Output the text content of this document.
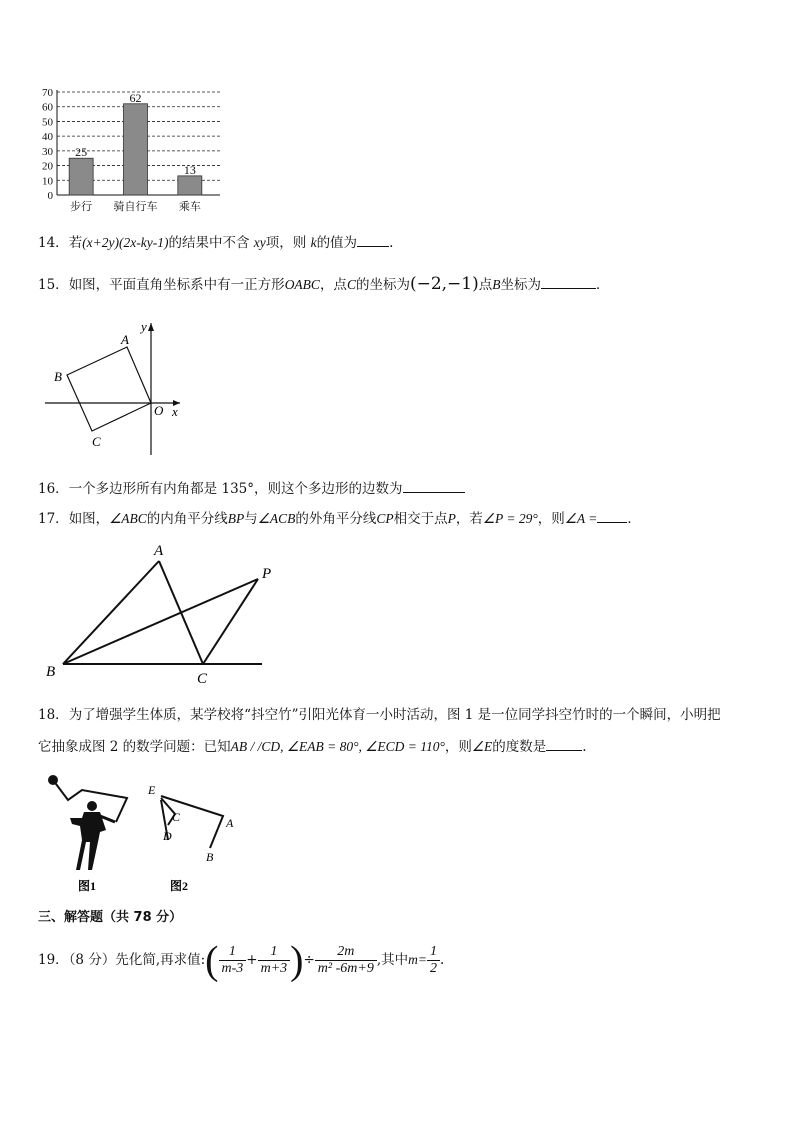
0
10
20
30
40
50
60
70
25
步行
62
骑自行车
13
乘车
14．若(x+2y)(2x-ky-1)的结果中不含 xy项，则 k的值为 .
15．如图，平面直角坐标系中有一正方形OABC，点C的坐标为(−2,−1)点B坐标为	．
y
x
O
A
B
C
16．一个多边形所有内角都是 135°，则这个多边形的边数为
17．如图，∠ABC的内角平分线BP与∠ACB的外角平分线CP相交于点P，若∠P = 29°，则∠A = ．
A
B	C
P
18．为了增强学生体质，某学校将“抖空竹”引阳光体育一小时活动，图 1 是一位同学抖空竹时的一个瞬间，小明把
它抽象成图 2 的数学问题：已知AB / /CD, ∠EAB = 80°, ∠ECD = 110°，则∠E的度数是	.
图1
E
C
D
A
B
图2
三、解答题（共 78 分）
19．（8 分）先化简,再求值:( $\frac{1}{m-3} + \frac{1}{m+3}$ )÷ $\frac{2m}{\text{m² -6m+9}}$ ,其中$m= \frac{1}{2}$ .
